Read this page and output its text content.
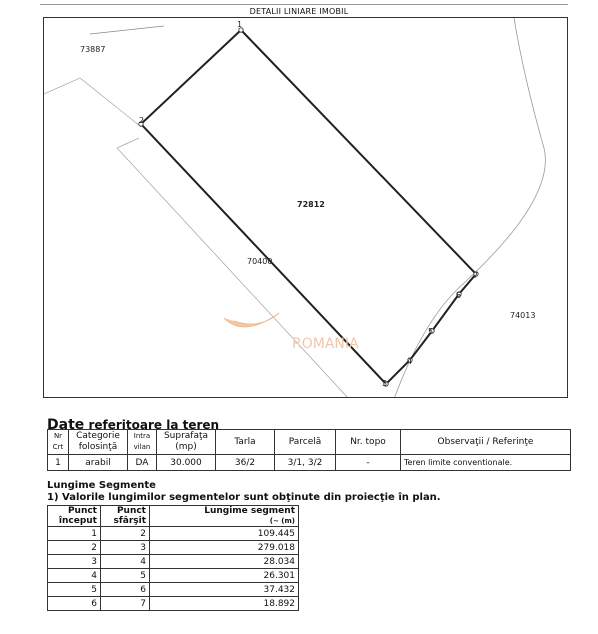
DETALII LINIARE IMOBIL
ROMANIA
1
2
3
4
5
6
7
73887
72812
70400
74013
Date referitoare la teren
Nr Crt	Categorie folosinţă	Intra vilan	Suprafaţa (mp)	Tarla	Parcelă	Nr. topo	Observaţii / Referinţe
1	arabil	DA	30.000	36/2	3/1, 3/2	-	Teren limite conventionale.
Lungime Segmente
1) Valorile lungimilor segmentelor sunt obţinute din proiecţie în plan.
Punct început	Punct sfârşit	Lungime segment
(~ (m)

1	2	109.445
2	3	279.018
3	4	28.034
4	5	26.301
5	6	37.432
6	7	18.892
